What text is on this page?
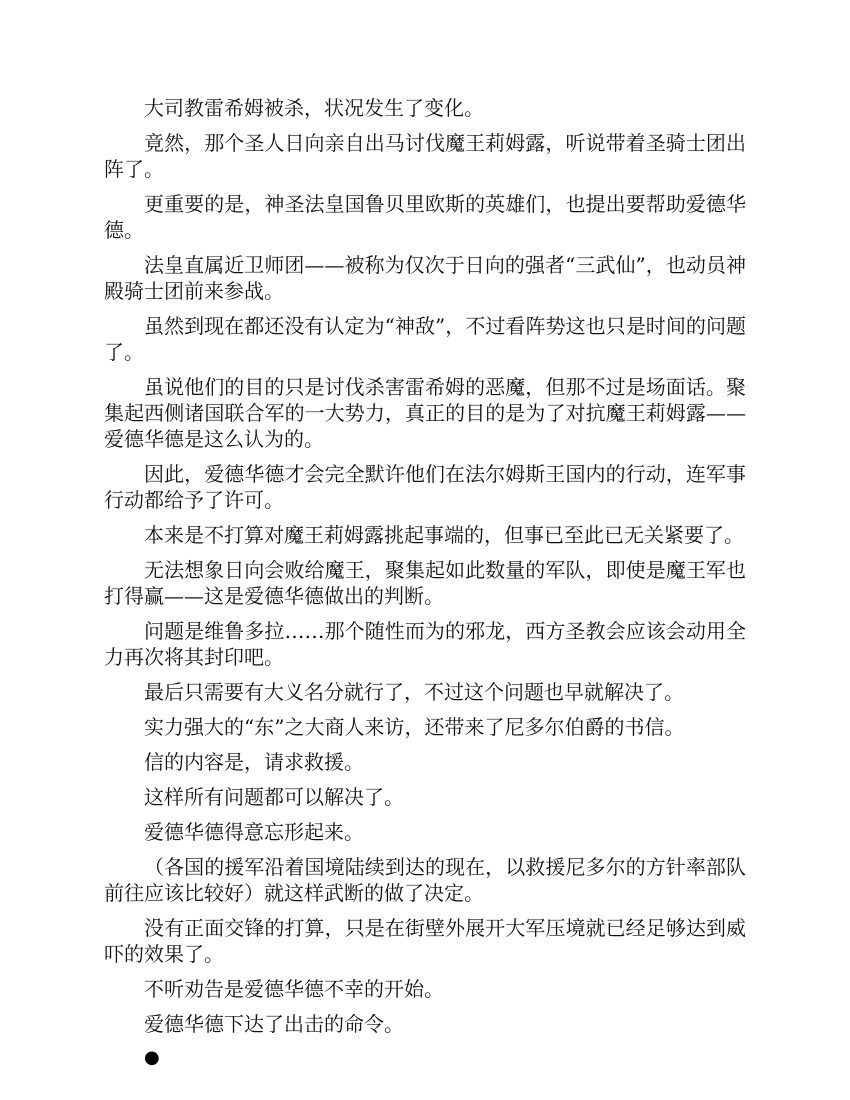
大司教雷希姆被杀，状况发生了变化。

竟然，那个圣人日向亲自出马讨伐魔王莉姆露，听说带着圣骑士团出阵了。

更重要的是，神圣法皇国鲁贝里欧斯的英雄们，也提出要帮助爱德华德。

法皇直属近卫师团——被称为仅次于日向的强者“三武仙”，也动员神殿骑士团前来参战。

虽然到现在都还没有认定为“神敌”，不过看阵势这也只是时间的问题了。

虽说他们的目的只是讨伐杀害雷希姆的恶魔，但那不过是场面话。聚集起西侧诸国联合军的一大势力，真正的目的是为了对抗魔王莉姆露——爱德华德是这么认为的。

因此，爱德华德才会完全默许他们在法尔姆斯王国内的行动，连军事行动都给予了许可。

本来是不打算对魔王莉姆露挑起事端的，但事已至此已无关紧要了。

无法想象日向会败给魔王，聚集起如此数量的军队，即使是魔王军也打得赢——这是爱德华德做出的判断。

问题是维鲁多拉……那个随性而为的邪龙，西方圣教会应该会动用全力再次将其封印吧。

最后只需要有大义名分就行了，不过这个问题也早就解决了。

实力强大的“东”之大商人来访，还带来了尼多尔伯爵的书信。

信的内容是，请求救援。

这样所有问题都可以解决了。

爱德华德得意忘形起来。

（各国的援军沿着国境陆续到达的现在，以救援尼多尔的方针率部队前往应该比较好）就这样武断的做了决定。

没有正面交锋的打算，只是在街壁外展开大军压境就已经足够达到威吓的效果了。

不听劝告是爱德华德不幸的开始。

爱德华德下达了出击的命令。

●
